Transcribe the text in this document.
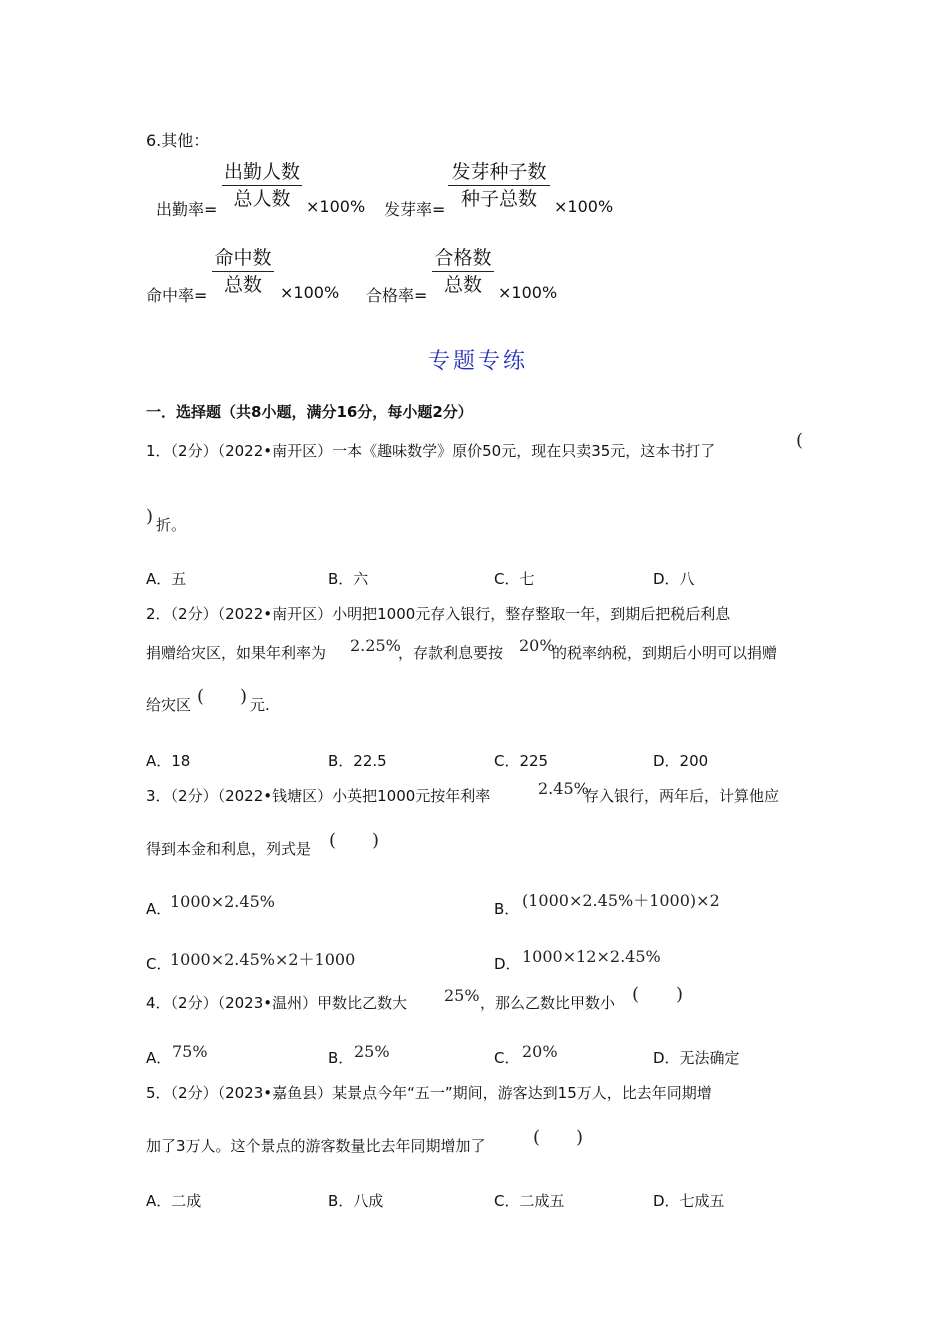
6.其他：
出勤率=
出勤人数
总人数 ×100% 发芽率=
发芽种子数
种子总数	×100%
命中率=
命中数
总数	×100% 合格率=
合格数
总数	×100%
专题专练
一．选择题（共8小题，满分16分，每小题2分）
1．（2分）（2022•南开区）一本《趣味数学》原价50元，现在只卖35元，这本书打了	(
) 折。
A．五	B．六	C．七	D．八
2．（2分）（2022•南开区）小明把1000元存入银行，整存整取一年，到期后把税后利息
捐赠给灾区，如果年利率为 2.25%
，存款利息要按 20%
的税率纳税，到期后小明可以捐赠
给灾区 ( ) 元.
A．18	B．22.5	C．225	D．200
3．（2分）（2022•钱塘区）小英把1000元按年利率	2.45%
存入银行，两年后，计算他应
得到本金和利息，列式是 ( )
A．
1000×2.45%	B． (1000×2.45%＋1000)×2
C．
1000×2.45%×2＋1000	D． 1000×12×2.45%
4．（2分）（2023•温州）甲数比乙数大 25% ，那么乙数比甲数小 ( )
A． 75%	B． 25%	C． 20%	D．无法确定
5．（2分）（2023•嘉鱼县）某景点今年“五一”期间，游客达到15万人，比去年同期增
加了3万人。这个景点的游客数量比去年同期增加了	( )
A．二成	B．八成	C．二成五	D．七成五
